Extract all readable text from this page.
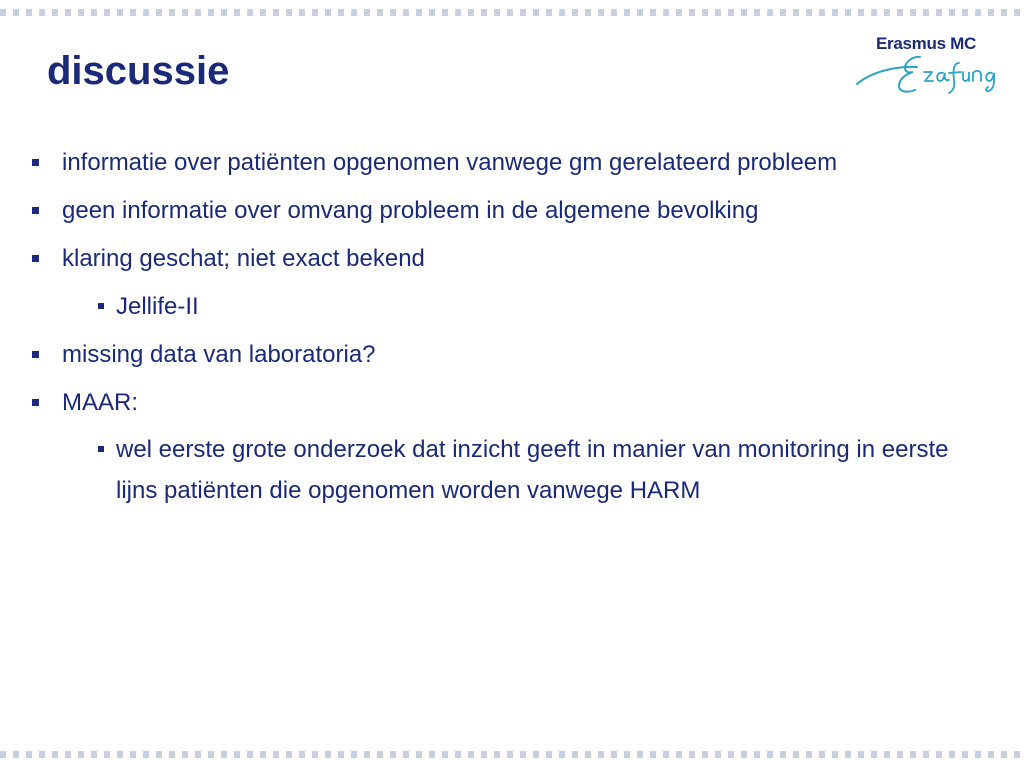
discussie
Erasmus MC
informatie over patiënten opgenomen vanwege gm gerelateerd probleem
geen informatie over omvang probleem in de algemene bevolking
klaring geschat; niet exact bekend
Jellife-II
missing data van laboratoria?
MAAR:
wel eerste grote onderzoek dat inzicht geeft in manier van monitoring in eerste lijns patiënten die opgenomen worden vanwege HARM
